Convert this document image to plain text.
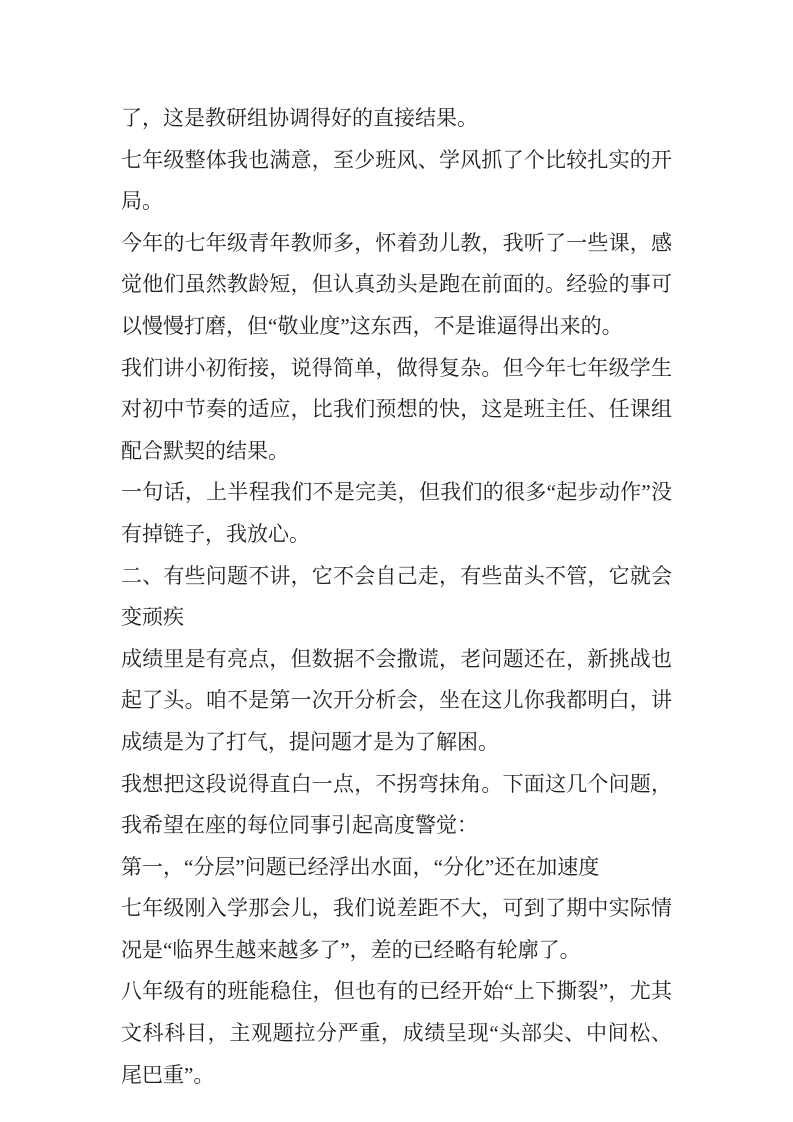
了，这是教研组协调得好的直接结果。

七年级整体我也满意，至少班风、学风抓了个比较扎实的开局。

今年的七年级青年教师多，怀着劲儿教，我听了一些课，感觉他们虽然教龄短，但认真劲头是跑在前面的。经验的事可以慢慢打磨，但“敬业度”这东西，不是谁逼得出来的。

我们讲小初衔接，说得简单，做得复杂。但今年七年级学生对初中节奏的适应，比我们预想的快，这是班主任、任课组配合默契的结果。

一句话，上半程我们不是完美，但我们的很多“起步动作”没有掉链子，我放心。

二、有些问题不讲，它不会自己走，有些苗头不管，它就会变顽疾

成绩里是有亮点，但数据不会撒谎，老问题还在，新挑战也起了头。咱不是第一次开分析会，坐在这儿你我都明白，讲成绩是为了打气，提问题才是为了解困。

我想把这段说得直白一点，不拐弯抹角。下面这几个问题，我希望在座的每位同事引起高度警觉：

第一，“分层”问题已经浮出水面，“分化”还在加速度

七年级刚入学那会儿，我们说差距不大，可到了期中实际情况是“临界生越来越多了”，差的已经略有轮廓了。

八年级有的班能稳住，但也有的已经开始“上下撕裂”，尤其文科科目，主观题拉分严重，成绩呈现“头部尖、中间松、尾巴重”。
